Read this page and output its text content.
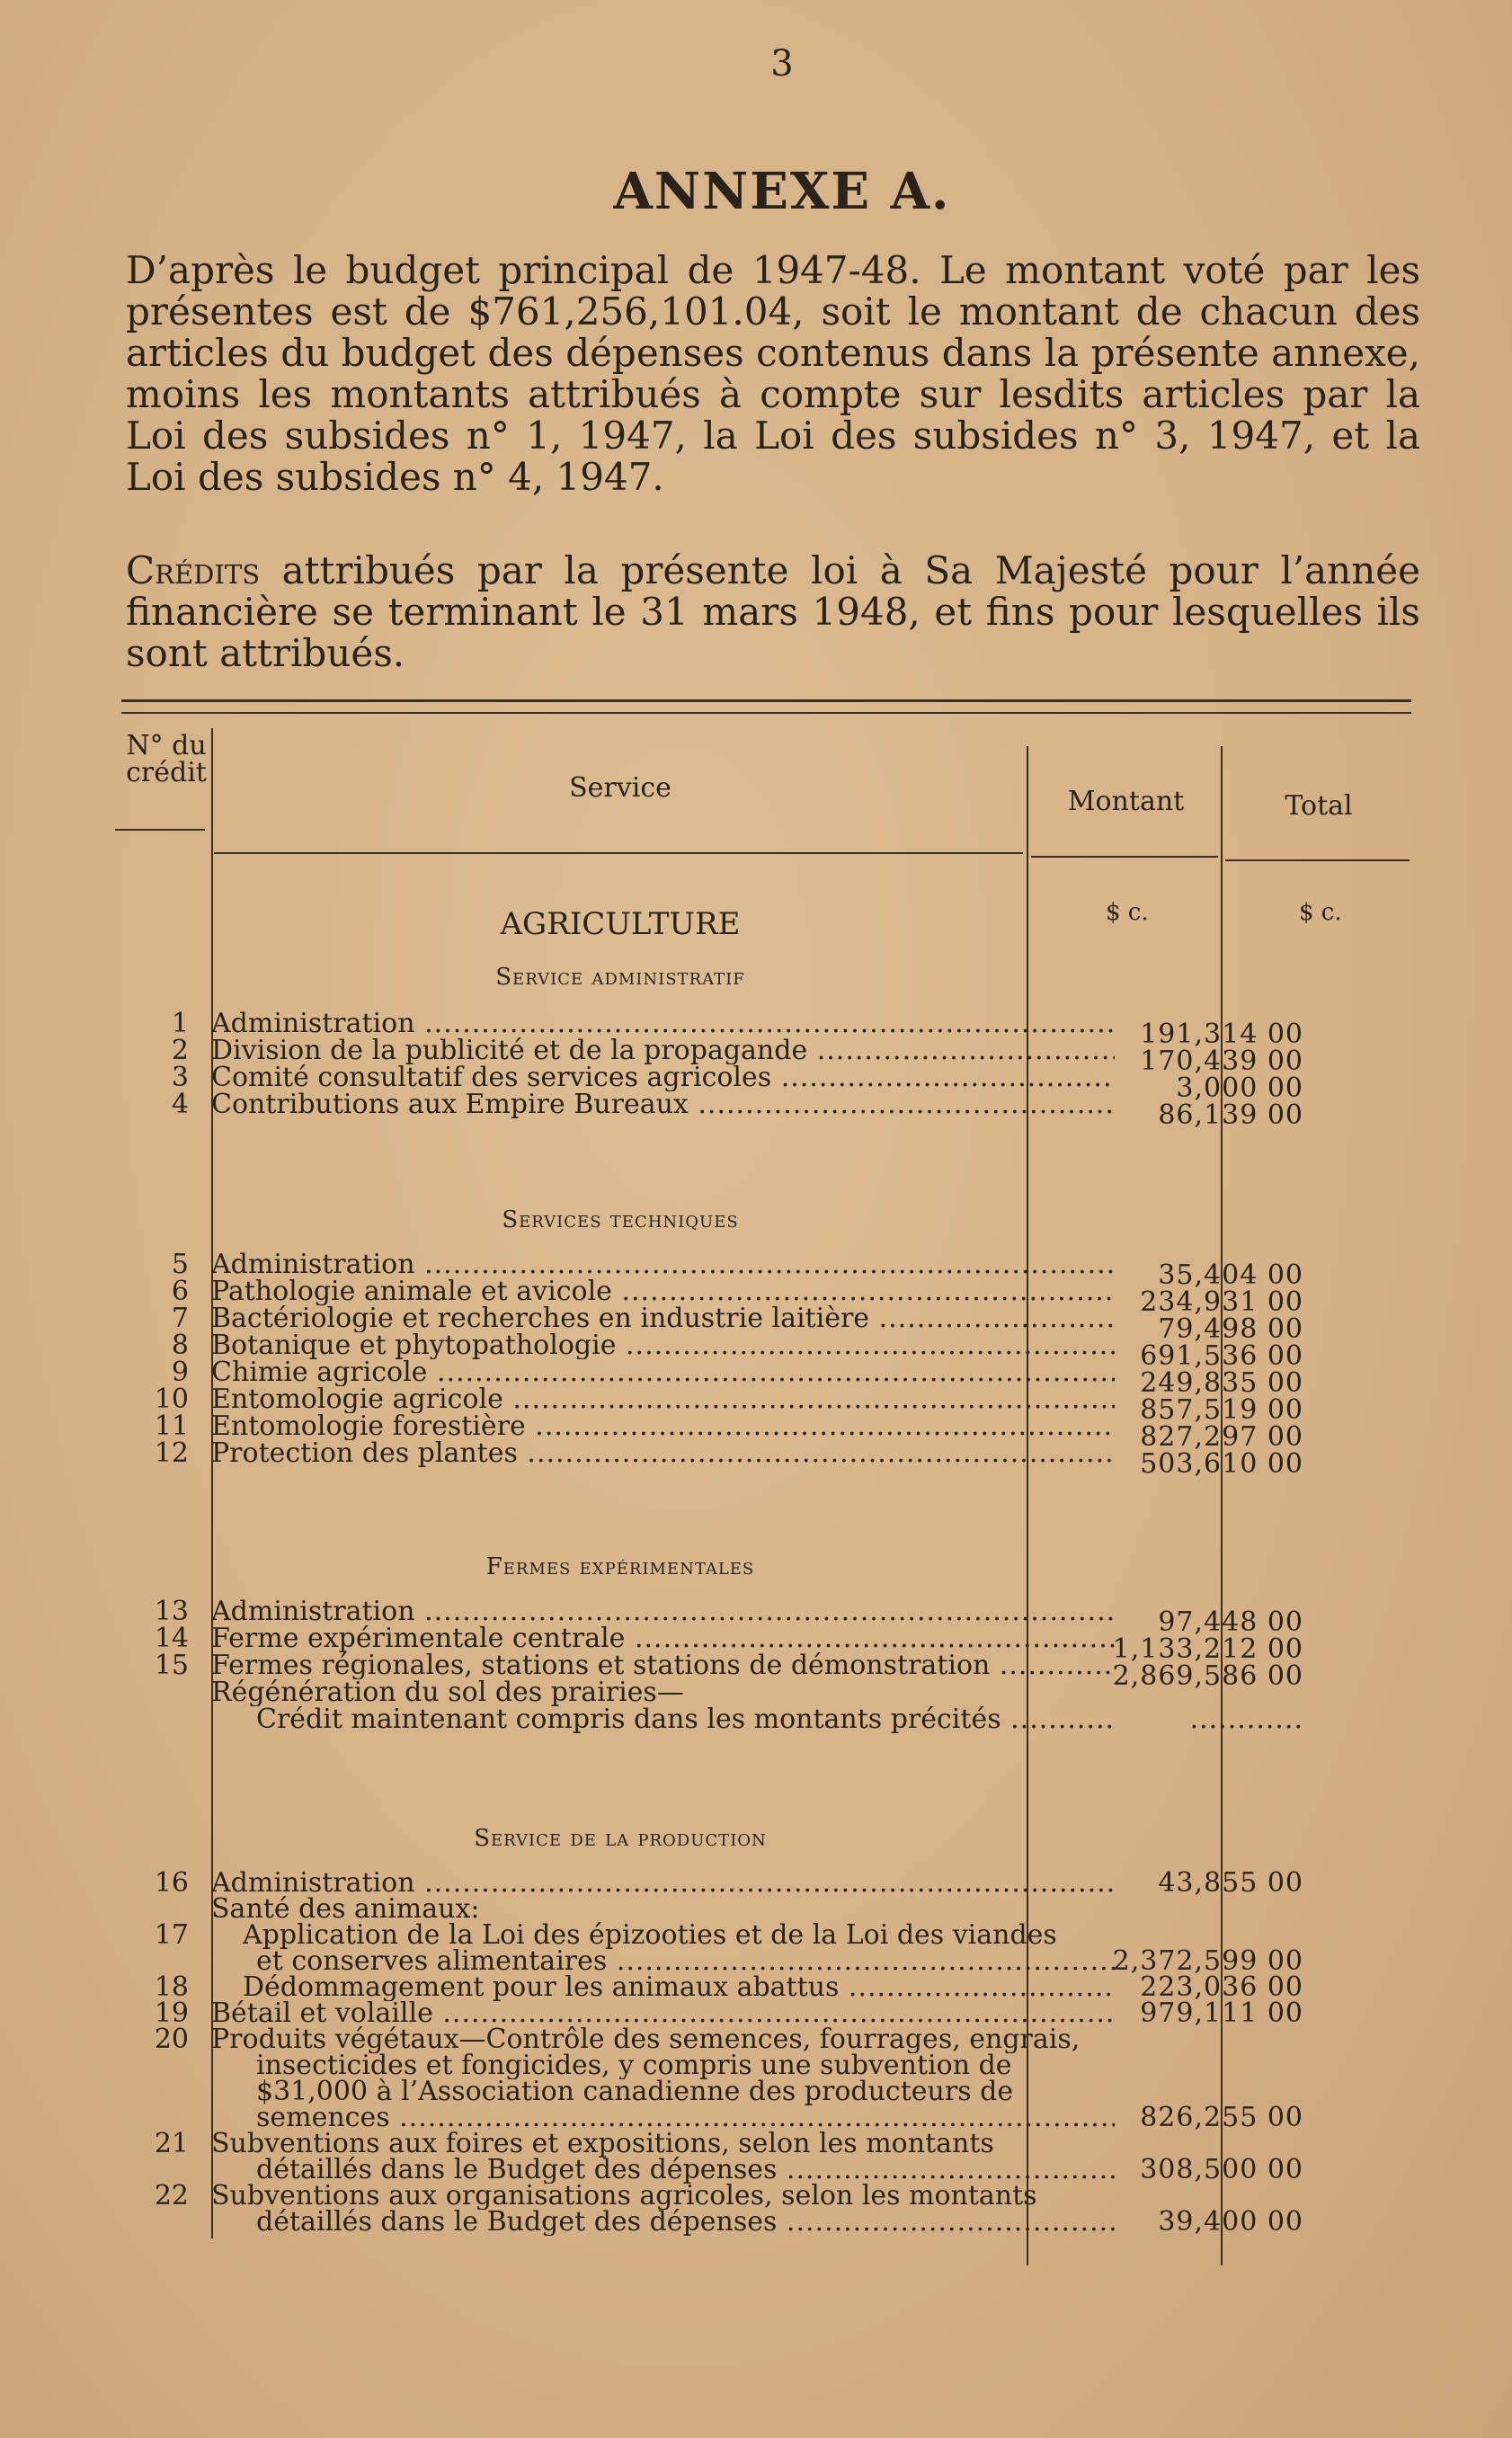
3
ANNEXE A.
D’après le budget principal de 1947-48. Le montant voté par les présentes est de $761,256,101.04, soit le montant de chacun des articles du budget des dépenses contenus dans la présente annexe, moins les montants attribués à compte sur lesdits articles par la Loi des subsides n° 1, 1947, la Loi des subsides n° 3, 1947, et la Loi des subsides n° 4, 1947.
Crédits attribués par la présente loi à Sa Majesté pour l’année financière se terminant le 31 mars 1948, et fins pour lesquelles ils sont attribués.
N° du crédit	Service	Montant	Total
AGRICULTURE	$ c.	$ c.
1 Administration .....	191,314 00
2 Division de la publicité et de la propagande .....	170,439 00
3 Comité consultatif des services agricoles .....	3,000 00
4 Contributions aux Empire Bureaux .....	86,139 00
5 Administration .....	35,404 00
6 Pathologie animale et avicole .....	234,931 00
7 Bactériologie et recherches en industrie laitière .....	79,498 00
8 Botanique et phytopathologie .....	691,536 00
9 Chimie agricole .....	249,835 00
10 Entomologie agricole .....	857,519 00
11 Entomologie forestière .....	827,297 00
12 Protection des plantes .....	503,610 00
13 Administration .....	97,448 00
14 Ferme expérimentale centrale .....	1,133,212 00
15 Fermes régionales, stations et stations de démonstration .....	2,869,586 00
Régénération du sol des prairies—
Crédit maintenant compris dans les montants précités .....	............
16 Administration .....	43,855 00
Santé des animaux:
17 Application de la Loi des épizooties et de la Loi des viandes
et conserves alimentaires .....	2,372,599 00
18 Dédommagement pour les animaux abattus .....	223,036 00
19 Bétail et volaille .....	979,111 00
20 Produits végétaux—Contrôle des semences, fourrages, engrais,
insecticides et fongicides, y compris une subvention de
$31,000 à l’Association canadienne des producteurs de
semences .....	826,255 00
21 Subventions aux foires et expositions, selon les montants
détaillés dans le Budget des dépenses .....	308,500 00
22 Subventions aux organisations agricoles, selon les montants
détaillés dans le Budget des dépenses .....	39,400 00
Service administratif
Services techniques
Fermes expérimentales
Service de la production
